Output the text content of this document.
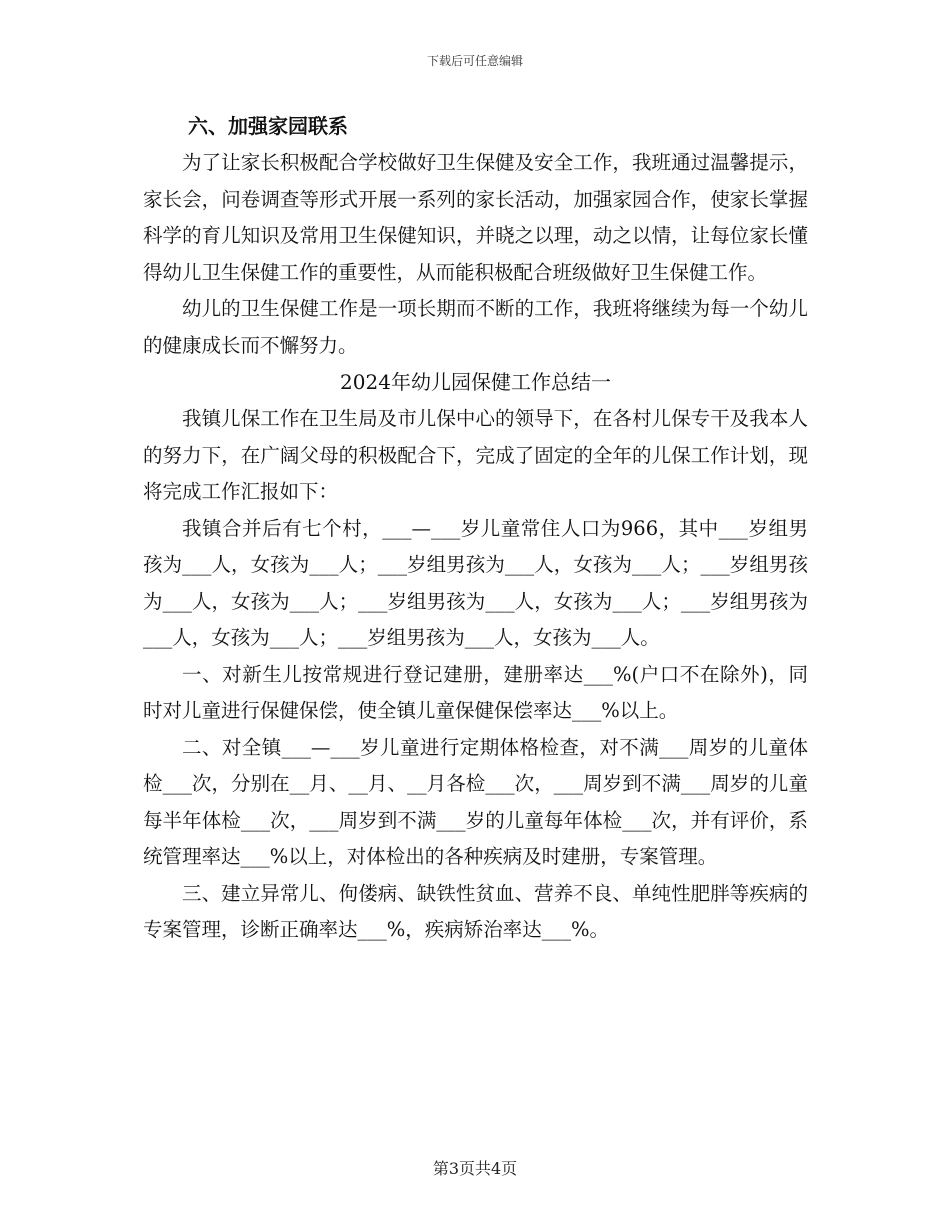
下载后可任意编辑
六、加强家园联系

为了让家长积极配合学校做好卫生保健及安全工作，我班通过温馨提示，家长会，问卷调查等形式开展一系列的家长活动，加强家园合作，使家长掌握科学的育儿知识及常用卫生保健知识，并晓之以理，动之以情，让每位家长懂得幼儿卫生保健工作的重要性，从而能积极配合班级做好卫生保健工作。

幼儿的卫生保健工作是一项长期而不断的工作，我班将继续为每一个幼儿的健康成长而不懈努力。

2024年幼儿园保健工作总结一

我镇儿保工作在卫生局及市儿保中心的领导下，在各村儿保专干及我本人的努力下，在广阔父母的积极配合下，完成了固定的全年的儿保工作计划，现将完成工作汇报如下：

我镇合并后有七个村，___—___岁儿童常住人口为966，其中___岁组男孩为___人，女孩为___人；___岁组男孩为___人，女孩为___人；___岁组男孩为___人，女孩为___人；___岁组男孩为___人，女孩为___人；___岁组男孩为___人，女孩为___人；___岁组男孩为___人，女孩为___人。

一、对新生儿按常规进行登记建册，建册率达___%(户口不在除外)，同时对儿童进行保健保偿，使全镇儿童保健保偿率达___%以上。

二、对全镇___—___岁儿童进行定期体格检查，对不满___周岁的儿童体检___次，分别在__月、__月、__月各检___次，___周岁到不满___周岁的儿童每半年体检___次，___周岁到不满___岁的儿童每年体检___次，并有评价，系统管理率达___%以上，对体检出的各种疾病及时建册，专案管理。

三、建立异常儿、佝偻病、缺铁性贫血、营养不良、单纯性肥胖等疾病的专案管理，诊断正确率达___%，疾病矫治率达___%。

第3页共4页
